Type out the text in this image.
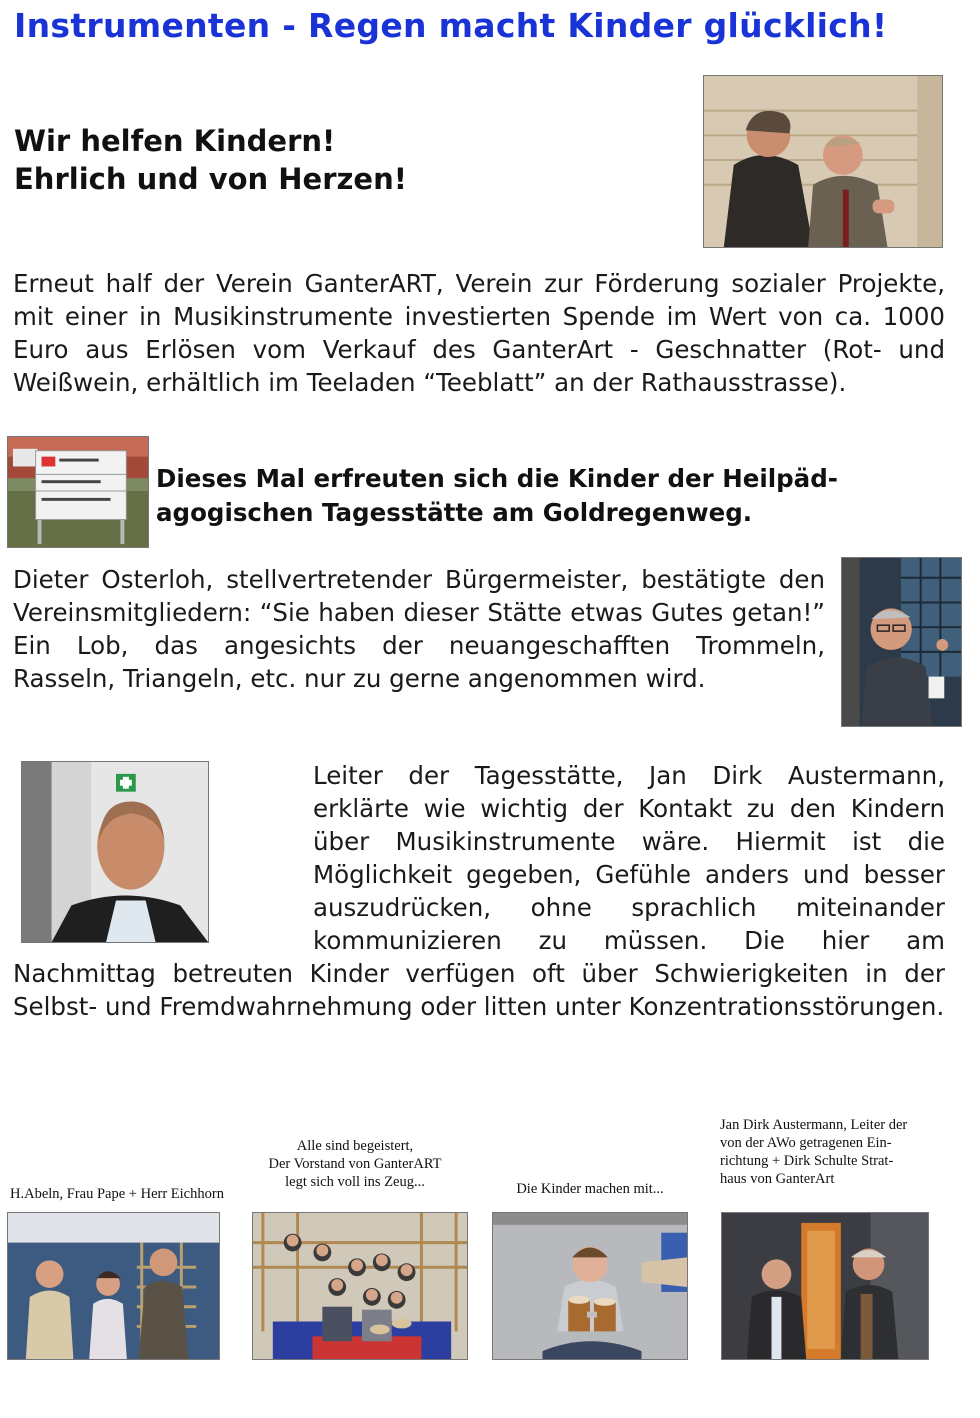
Instrumenten - Regen macht Kinder glücklich!
Wir helfen Kindern!
Ehrlich und von Herzen!
Erneut half der Verein GanterART, Verein zur Förderung sozialer Projekte, mit einer in Musikinstrumente investierten Spende im Wert von ca. 1000 Euro aus Erlösen vom Verkauf des GanterArt - Geschnatter (Rot- und Weißwein, erhältlich im Teeladen “Teeblatt” an der Rathausstrasse).
Dieses Mal erfreuten sich die Kinder der Heilpädagogischen Tagesstätte am Goldregenweg.
Dieter Osterloh, stellvertretender Bürgermeister, bestätigte den Vereinsmitgliedern: “Sie haben dieser Stätte etwas Gutes getan!” Ein Lob, das angesichts der neuangeschafften Trommeln, Rasseln, Triangeln, etc. nur zu gerne angenommen wird.
Leiter der Tagesstätte, Jan Dirk Austermann, erklärte wie wichtig der Kontakt zu den Kindern über Musikinstrumente wäre. Hiermit ist die Möglichkeit gegeben, Gefühle anders und besser auszudrücken, ohne sprachlich miteinander kommunizieren zu müssen. Die hier am Nachmittag betreuten Kinder verfügen oft über Schwierigkeiten in der Selbst- und Fremdwahrnehmung oder litten unter Konzentrationsstörungen.
H.Abeln, Frau Pape + Herr Eichhorn
Alle sind begeistert,
Der Vorstand von GanterART
legt sich voll ins Zeug...	Die Kinder machen mit...
Jan Dirk Austermann, Leiter der
von der AWo getragenen Ein-
richtung + Dirk Schulte Strat-
haus von GanterArt
